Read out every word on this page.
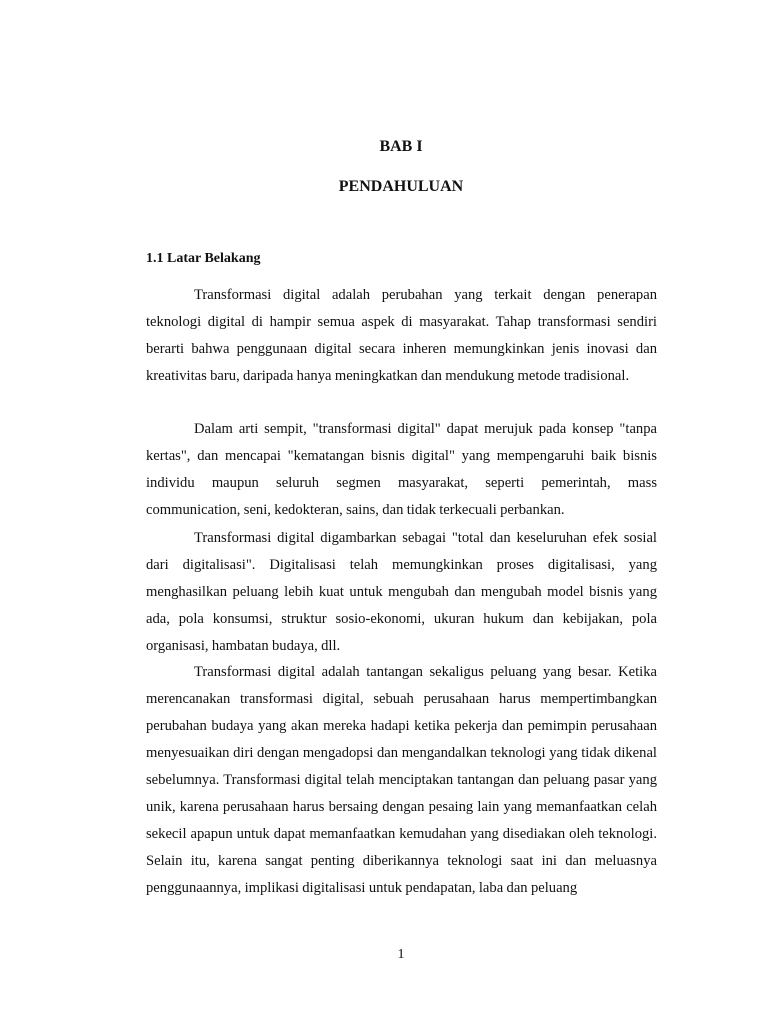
BAB I
PENDAHULUAN
1.1 Latar Belakang

Transformasi digital adalah perubahan yang terkait dengan penerapan teknologi digital di hampir semua aspek di masyarakat. Tahap transformasi sendiri berarti bahwa penggunaan digital secara inheren memungkinkan jenis inovasi dan kreativitas baru, daripada hanya meningkatkan dan mendukung metode tradisional.

Dalam arti sempit, "transformasi digital" dapat merujuk pada konsep "tanpa kertas", dan mencapai "kematangan bisnis digital" yang mempengaruhi baik bisnis individu maupun seluruh segmen masyarakat, seperti pemerintah, mass communication, seni, kedokteran, sains, dan tidak terkecuali perbankan.

Transformasi digital digambarkan sebagai "total dan keseluruhan efek sosial dari digitalisasi". Digitalisasi telah memungkinkan proses digitalisasi, yang menghasilkan peluang lebih kuat untuk mengubah dan mengubah model bisnis yang ada, pola konsumsi, struktur sosio-ekonomi, ukuran hukum dan kebijakan, pola organisasi, hambatan budaya, dll.

Transformasi digital adalah tantangan sekaligus peluang yang besar. Ketika merencanakan transformasi digital, sebuah perusahaan harus mempertimbangkan perubahan budaya yang akan mereka hadapi ketika pekerja dan pemimpin perusahaan menyesuaikan diri dengan mengadopsi dan mengandalkan teknologi yang tidak dikenal sebelumnya. Transformasi digital telah menciptakan tantangan dan peluang pasar yang unik, karena perusahaan harus bersaing dengan pesaing lain yang memanfaatkan celah sekecil apapun untuk dapat memanfaatkan kemudahan yang disediakan oleh teknologi. Selain itu, karena sangat penting diberikannya teknologi saat ini dan meluasnya penggunaannya, implikasi digitalisasi untuk pendapatan, laba dan peluang

1
